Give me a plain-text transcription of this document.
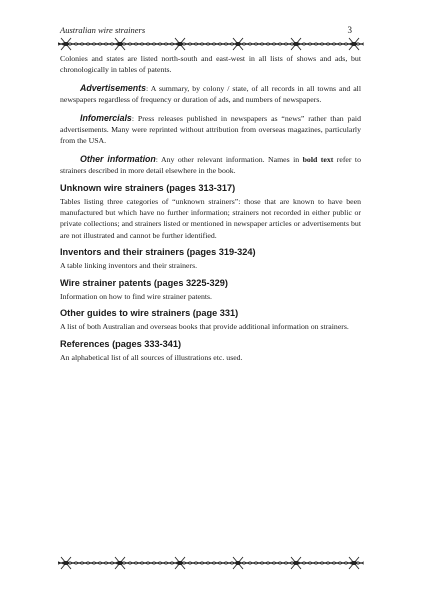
Australian wire strainers	3

Colonies and states are listed north-south and east-west in all lists of shows and ads, but chronologically in tables of patents.

Advertisements: A summary, by colony / state, of all records in all towns and all newspapers regardless of frequency or duration of ads, and numbers of newspapers.

Infomercials: Press releases published in newspapers as “news” rather than paid advertisements. Many were reprinted without attribution from overseas magazines, particularly from the USA.

Other information: Any other relevant information. Names in bold text refer to strainers described in more detail elsewhere in the book.

Unknown wire strainers (pages 313-317)

Tables listing three categories of “unknown strainers”: those that are known to have been manufactured but which have no further information; strainers not recorded in either public or private collections; and strainers listed or mentioned in newspaper articles or advertisements but are not illustrated and cannot be further identified.

Inventors and their strainers (pages 319-324)

A table linking inventors and their strainers.

Wire strainer patents (pages 3225-329)

Information on how to find wire strainer patents.

Other guides to wire strainers (page 331)

A list of both Australian and overseas books that provide additional information on strainers.

References (pages 333-341)

An alphabetical list of all sources of illustrations etc. used.
